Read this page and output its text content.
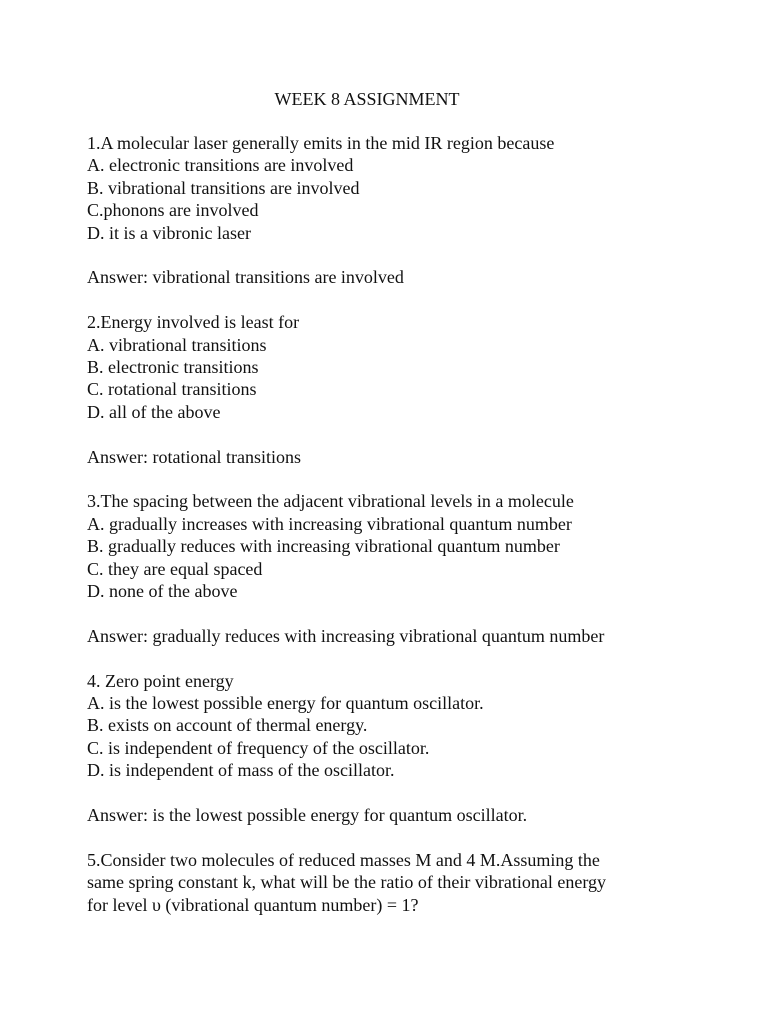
WEEK 8 ASSIGNMENT
1.A molecular laser generally emits in the mid IR region because
A. electronic transitions are involved
B. vibrational transitions are involved
C.phonons are involved
D. it is a vibronic laser
Answer: vibrational transitions are involved
2.Energy involved is least for
A. vibrational transitions
B. electronic transitions
C. rotational transitions
D. all of the above
Answer: rotational transitions
3.The spacing between the adjacent vibrational levels in a molecule
A. gradually increases with increasing vibrational quantum number
B. gradually reduces with increasing vibrational quantum number
C. they are equal spaced
D. none of the above
Answer: gradually reduces with increasing vibrational quantum number
4. Zero point energy
A. is the lowest possible energy for quantum oscillator.
B. exists on account of thermal energy.
C. is independent of frequency of the oscillator.
D. is independent of mass of the oscillator.
Answer: is the lowest possible energy for quantum oscillator.
5.Consider two molecules of reduced masses M and 4 M.Assuming the
same spring constant k, what will be the ratio of their vibrational energy
for level υ (vibrational quantum number) = 1?
